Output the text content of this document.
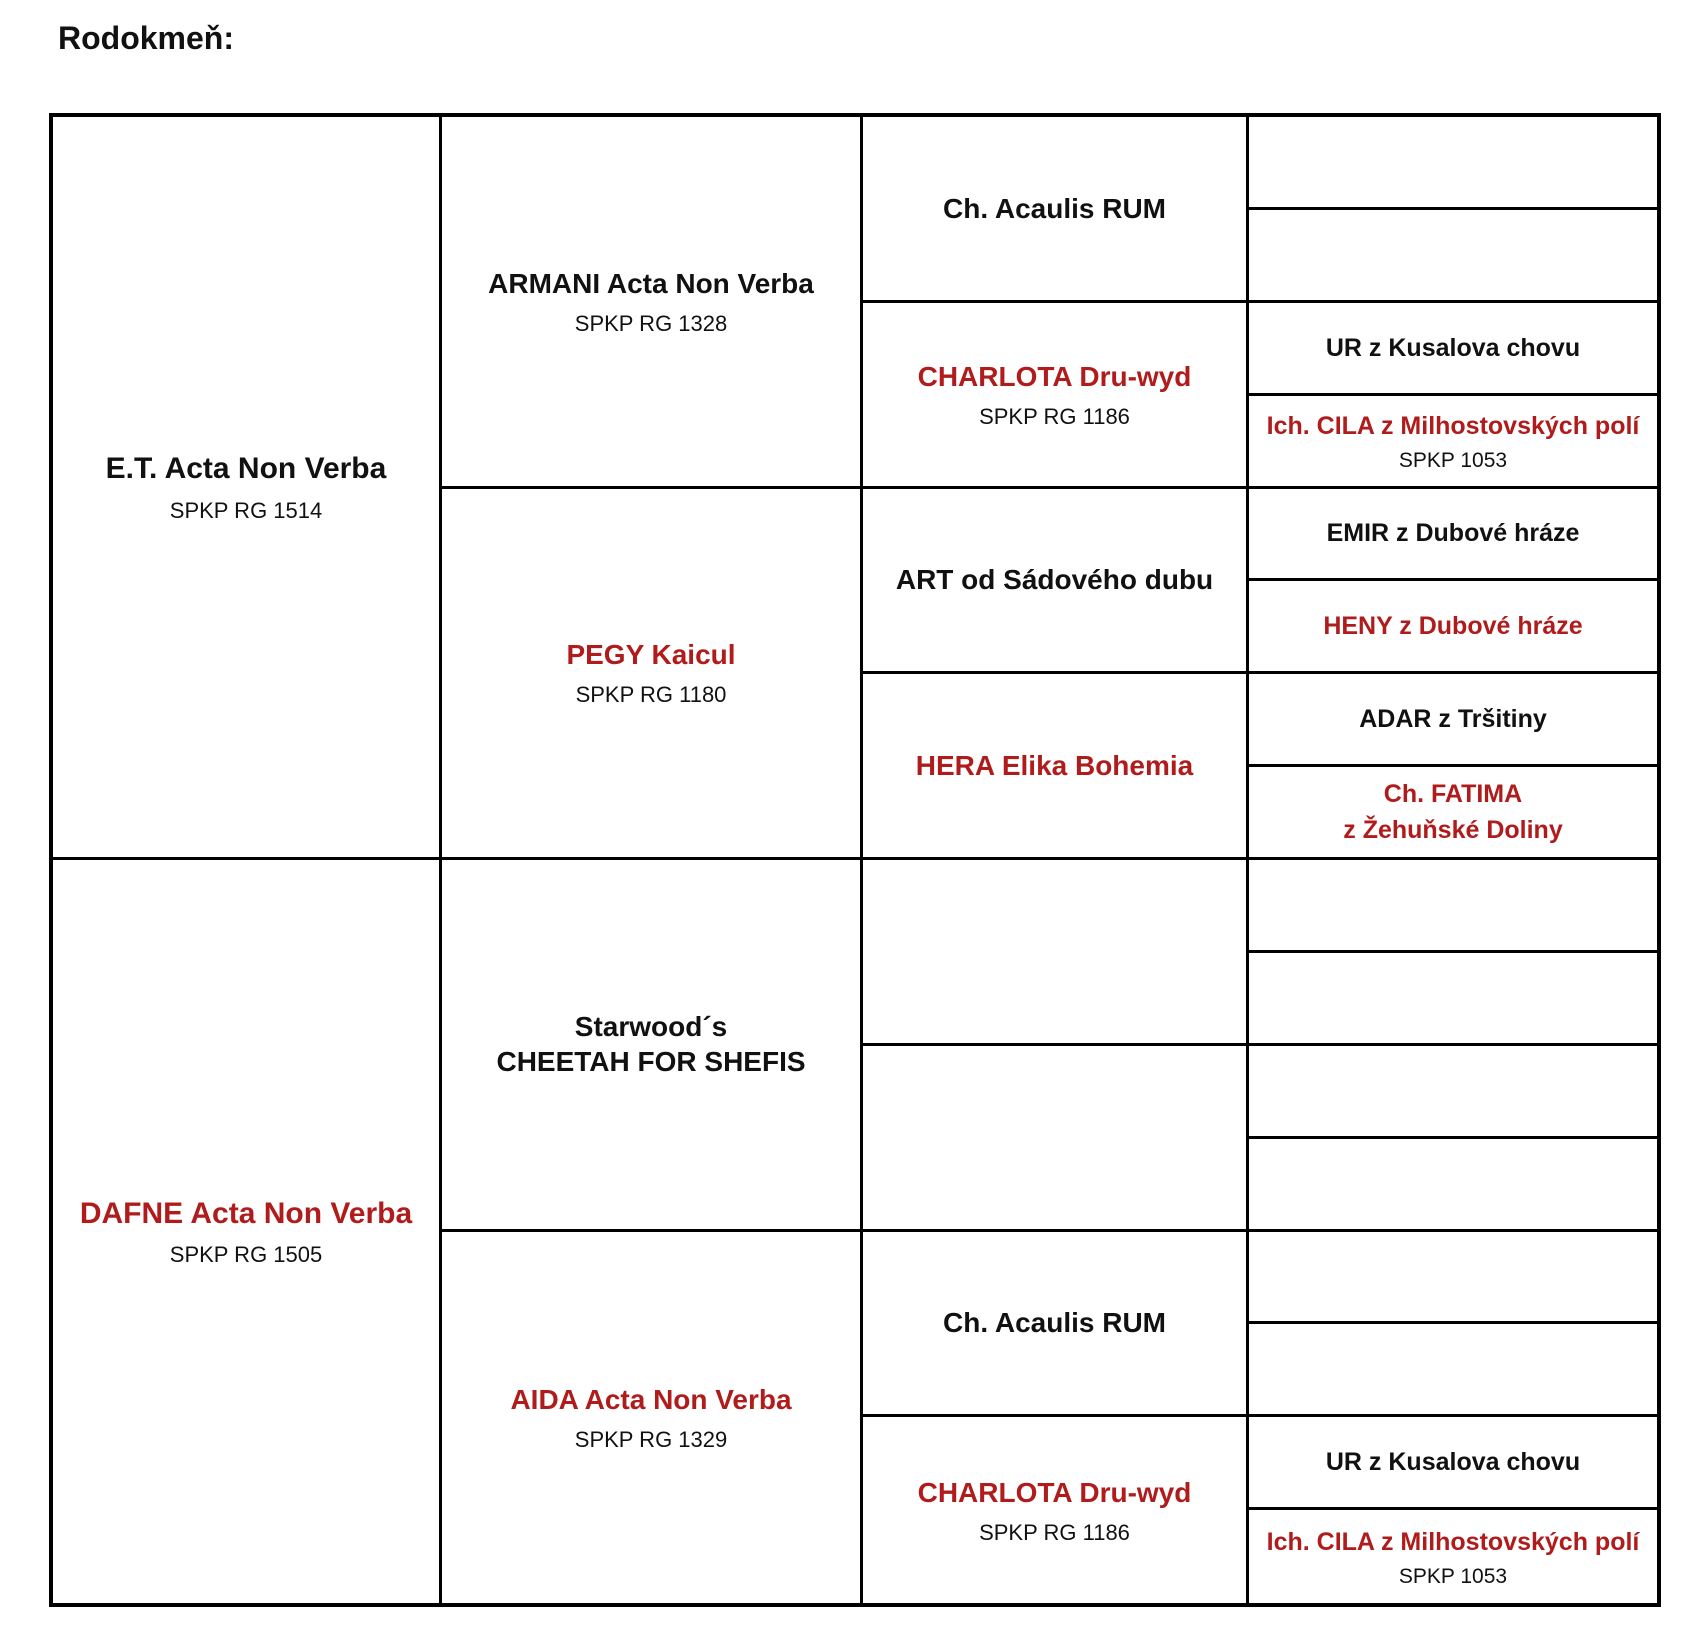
Rodokmeň:
E.T. Acta Non Verba
SPKP RG 1514
DAFNE Acta Non Verba
SPKP RG 1505
ARMANI Acta Non Verba
SPKP RG 1328
PEGY Kaicul
SPKP RG 1180
Starwood´s
CHEETAH FOR SHEFIS
AIDA Acta Non Verba
SPKP RG 1329
Ch. Acaulis RUM
CHARLOTA Dru-wyd
SPKP RG 1186
ART od Sádového dubu
HERA Elika Bohemia
Ch. Acaulis RUM
CHARLOTA Dru-wyd
SPKP RG 1186
UR z Kusalova chovu
Ich. CILA z Milhostovských polí
SPKP 1053
EMIR z Dubové hráze
HENY z Dubové hráze
ADAR z Tršitiny
Ch. FATIMA
z Žehuňské Doliny
UR z Kusalova chovu
Ich. CILA z Milhostovských polí
SPKP 1053
